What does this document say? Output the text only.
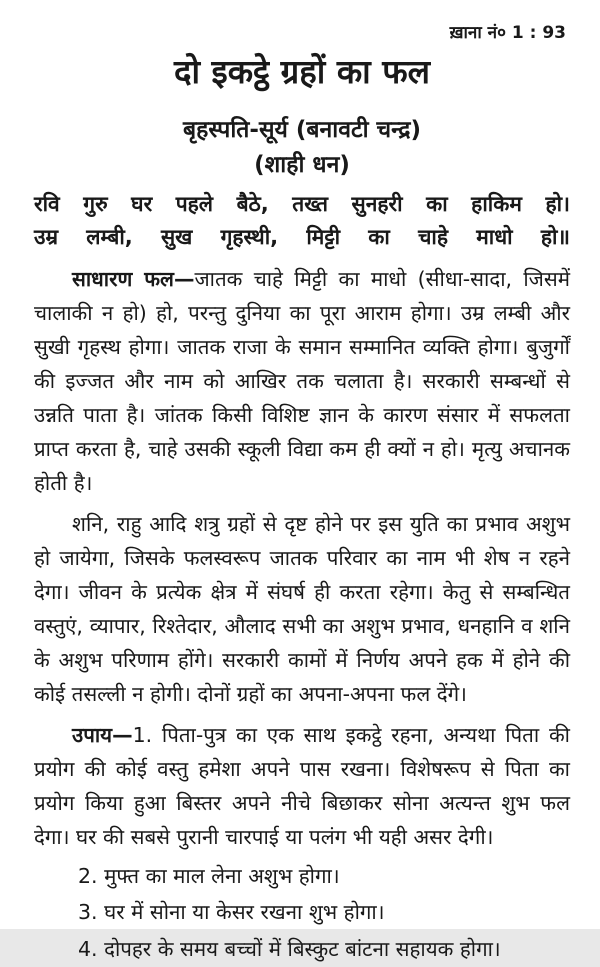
ख़ाना नं० 1 : 93
दो इकट्ठे ग्रहों का फल
बृहस्पति-सूर्य (बनावटी चन्द्र)
(शाही धन)
रवि गुरु घर पहले बैठे, तख्त सुनहरी का हाकिम हो।
उम्र लम्बी, सुख गृहस्थी, मिट्टी का चाहे माधो हो॥

साधारण फल—जातक चाहे मिट्टी का माधो (सीधा-सादा, जिसमें चालाकी न हो) हो, परन्तु दुनिया का पूरा आराम होगा। उम्र लम्बी और सुखी गृहस्थ होगा। जातक राजा के समान सम्मानित व्यक्ति होगा। बुजुर्गों की इज्जत और नाम को आखिर तक चलाता है। सरकारी सम्बन्धों से उन्नति पाता है। जांतक किसी विशिष्ट ज्ञान के कारण संसार में सफलता प्राप्त करता है, चाहे उसकी स्कूली विद्या कम ही क्यों न हो। मृत्यु अचानक होती है।

शनि, राहु आदि शत्रु ग्रहों से दृष्ट होने पर इस युति का प्रभाव अशुभ हो जायेगा, जिसके फलस्वरूप जातक परिवार का नाम भी शेष न रहने देगा। जीवन के प्रत्येक क्षेत्र में संघर्ष ही करता रहेगा। केतु से सम्बन्धित वस्तुएं, व्यापार, रिश्तेदार, औलाद सभी का अशुभ प्रभाव, धनहानि व शनि के अशुभ परिणाम होंगे। सरकारी कामों में निर्णय अपने हक में होने की कोई तसल्ली न होगी। दोनों ग्रहों का अपना-अपना फल देंगे।

उपाय—1. पिता-पुत्र का एक साथ इकट्ठे रहना, अन्यथा पिता की प्रयोग की कोई वस्तु हमेशा अपने पास रखना। विशेषरूप से पिता का प्रयोग किया हुआ बिस्तर अपने नीचे बिछाकर सोना अत्यन्त शुभ फल देगा। घर की सबसे पुरानी चारपाई या पलंग भी यही असर देगी।

2. मुफ्त का माल लेना अशुभ होगा।
3. घर में सोना या केसर रखना शुभ होगा।
4. दोपहर के समय बच्चों में बिस्कुट बांटना सहायक होगा।
